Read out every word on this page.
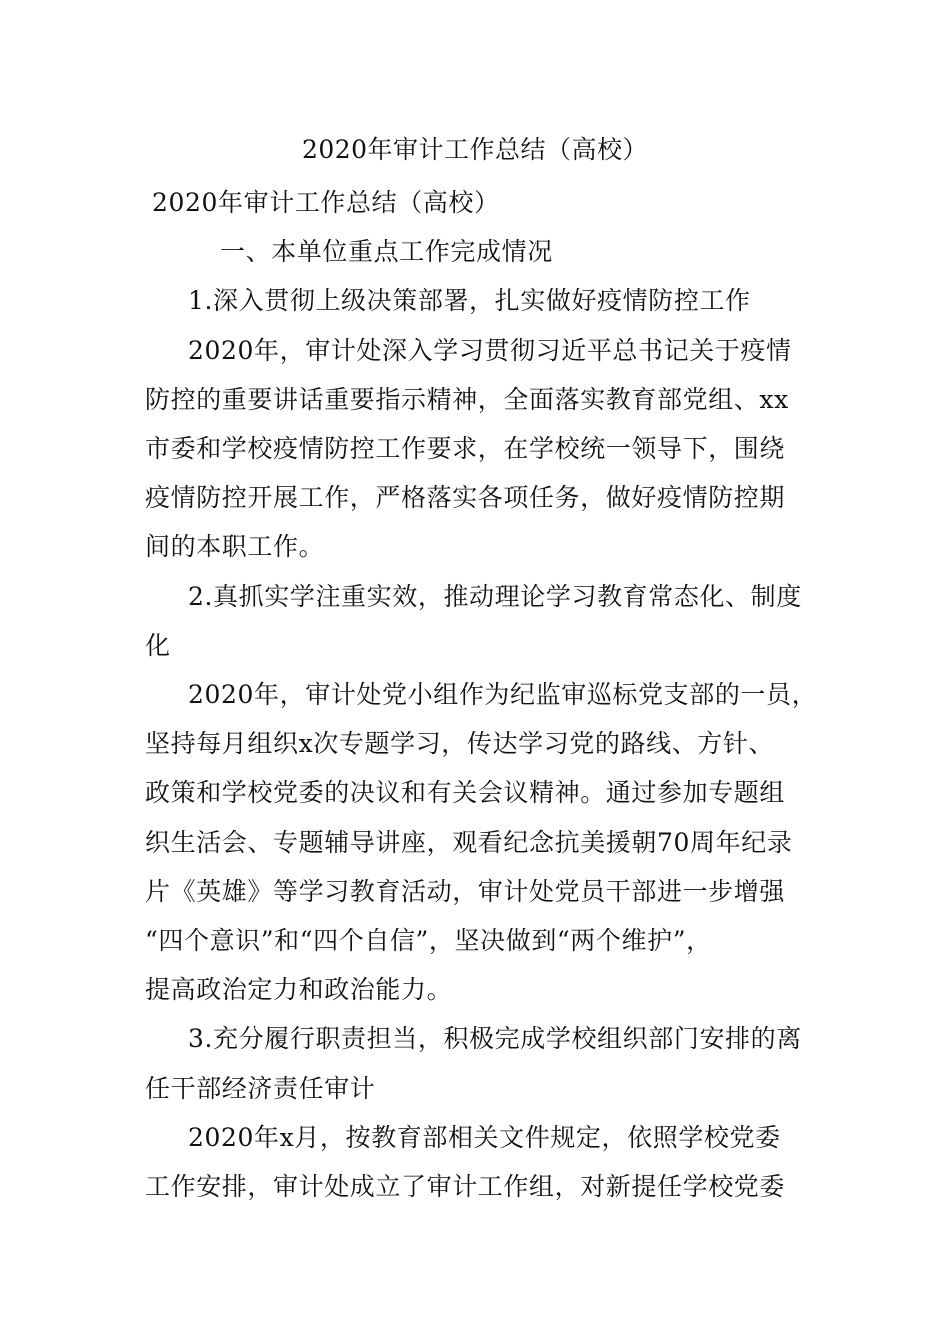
2020年审计工作总结（高校）

2020年审计工作总结（高校）

一、本单位重点工作完成情况

1.深入贯彻上级决策部署，扎实做好疫情防控工作

2020年，审计处深入学习贯彻习近平总书记关于疫情

防控的重要讲话重要指示精神，全面落实教育部党组、xx

市委和学校疫情防控工作要求，在学校统一领导下，围绕

疫情防控开展工作，严格落实各项任务，做好疫情防控期

间的本职工作。

2.真抓实学注重实效，推动理论学习教育常态化、制度

化

2020年，审计处党小组作为纪监审巡标党支部的一员，

坚持每月组织x次专题学习，传达学习党的路线、方针、

政策和学校党委的决议和有关会议精神。通过参加专题组

织生活会、专题辅导讲座，观看纪念抗美援朝70周年纪录

片《英雄》等学习教育活动，审计处党员干部进一步增强

“四个意识”和“四个自信”，坚决做到“两个维护”，

提高政治定力和政治能力。

3.充分履行职责担当，积极完成学校组织部门安排的离

任干部经济责任审计

2020年x月，按教育部相关文件规定，依照学校党委

工作安排，审计处成立了审计工作组，对新提任学校党委
